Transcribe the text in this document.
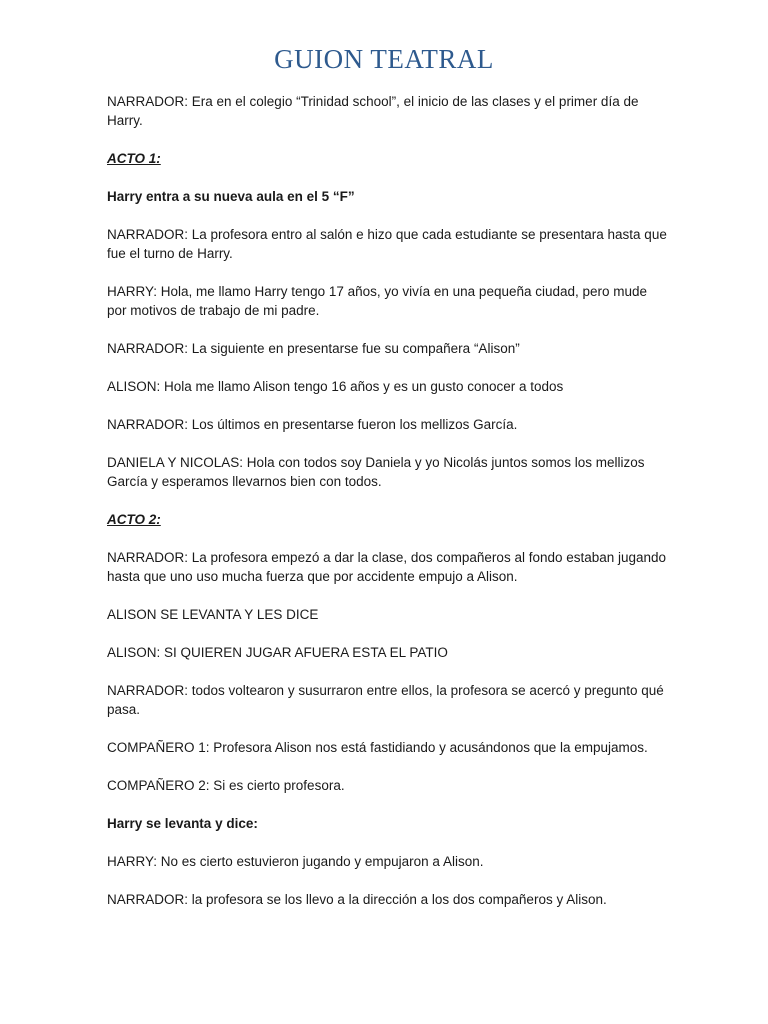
GUION TEATRAL

NARRADOR: Era en el colegio “Trinidad school”, el inicio de las clases y el primer día de Harry.

ACTO 1:

Harry entra a su nueva aula en el 5 “F”

NARRADOR: La profesora entro al salón e hizo que cada estudiante se presentara hasta que fue el turno de Harry.

HARRY: Hola, me llamo Harry tengo 17 años, yo vivía en una pequeña ciudad, pero mude por motivos de trabajo de mi padre.

NARRADOR: La siguiente en presentarse fue su compañera “Alison”

ALISON: Hola me llamo Alison tengo 16 años y es un gusto conocer a todos

NARRADOR: Los últimos en presentarse fueron los mellizos García.

DANIELA Y NICOLAS: Hola con todos soy Daniela y yo Nicolás juntos somos los mellizos García y esperamos llevarnos bien con todos.

ACTO 2:

NARRADOR: La profesora empezó a dar la clase, dos compañeros al fondo estaban jugando hasta que uno uso mucha fuerza que por accidente empujo a Alison.

ALISON SE LEVANTA Y LES DICE

ALISON: SI QUIEREN JUGAR AFUERA ESTA EL PATIO

NARRADOR: todos voltearon y susurraron entre ellos, la profesora se acercó y pregunto qué pasa.

COMPAÑERO 1: Profesora Alison nos está fastidiando y acusándonos que la empujamos.

COMPAÑERO 2: Si es cierto profesora.

Harry se levanta y dice:

HARRY: No es cierto estuvieron jugando y empujaron a Alison.

NARRADOR: la profesora se los llevo a la dirección a los dos compañeros y Alison.
